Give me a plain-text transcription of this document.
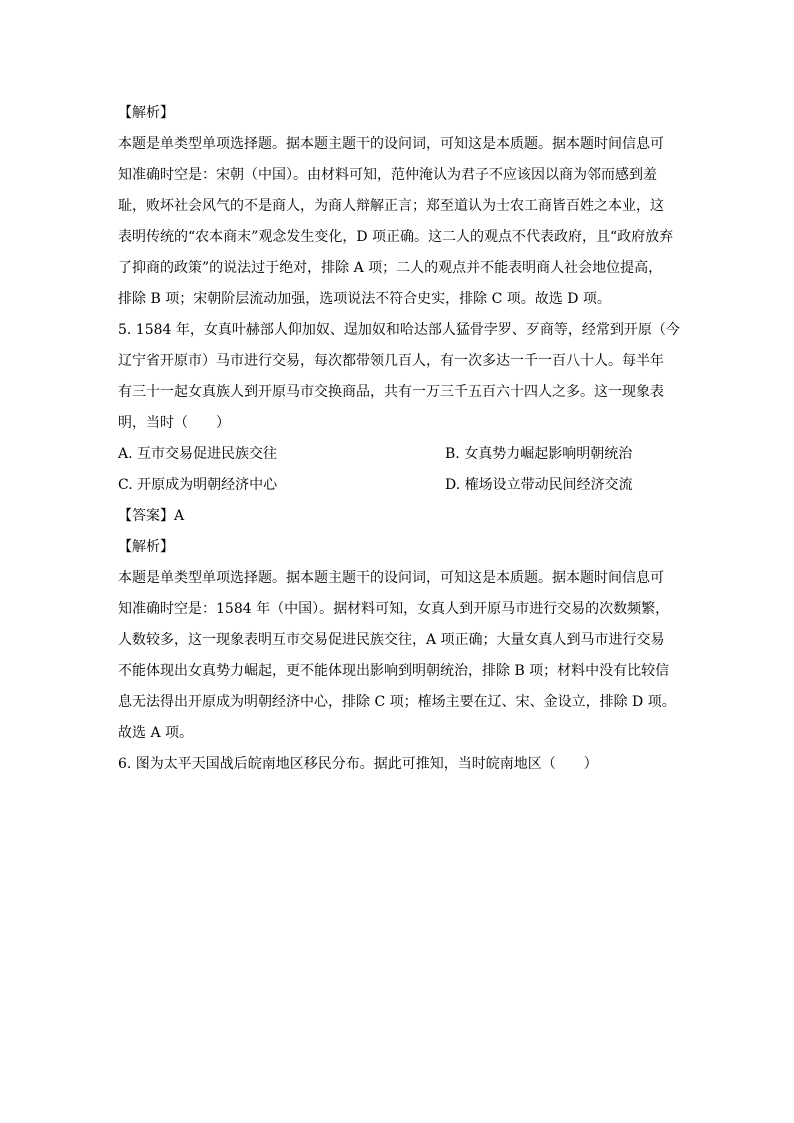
【解析】
本题是单类型单项选择题。据本题主题干的设问词，可知这是本质题。据本题时间信息可
知准确时空是：宋朝（中国）。由材料可知，范仲淹认为君子不应该因以商为邻而感到羞
耻，败坏社会风气的不是商人，为商人辩解正言；郑至道认为士农工商皆百姓之本业，这
表明传统的“农本商末”观念发生变化，D 项正确。这二人的观点不代表政府，且“政府放弃
了抑商的政策”的说法过于绝对，排除 A 项；二人的观点并不能表明商人社会地位提高，
排除 B 项；宋朝阶层流动加强，选项说法不符合史实，排除 C 项。故选 D 项。
5. 1584 年，女真叶赫部人仰加奴、逞加奴和哈达部人猛骨孛罗、歹商等，经常到开原（今
辽宁省开原市）马市进行交易，每次都带领几百人，有一次多达一千一百八十人。每半年
有三十一起女真族人到开原马市交换商品，共有一万三千五百六十四人之多。这一现象表
明，当时（　　）
A. 互市交易促进民族交往	B. 女真势力崛起影响明朝统治
C. 开原成为明朝经济中心	D. 榷场设立带动民间经济交流
【答案】A
【解析】
本题是单类型单项选择题。据本题主题干的设问词，可知这是本质题。据本题时间信息可
知准确时空是：1584 年（中国）。据材料可知，女真人到开原马市进行交易的次数频繁，
人数较多，这一现象表明互市交易促进民族交往，A 项正确；大量女真人到马市进行交易
不能体现出女真势力崛起，更不能体现出影响到明朝统治，排除 B 项；材料中没有比较信
息无法得出开原成为明朝经济中心，排除 C 项；榷场主要在辽、宋、金设立，排除 D 项。
故选 A 项。
6. 图为太平天国战后皖南地区移民分布。据此可推知，当时皖南地区（　　）
